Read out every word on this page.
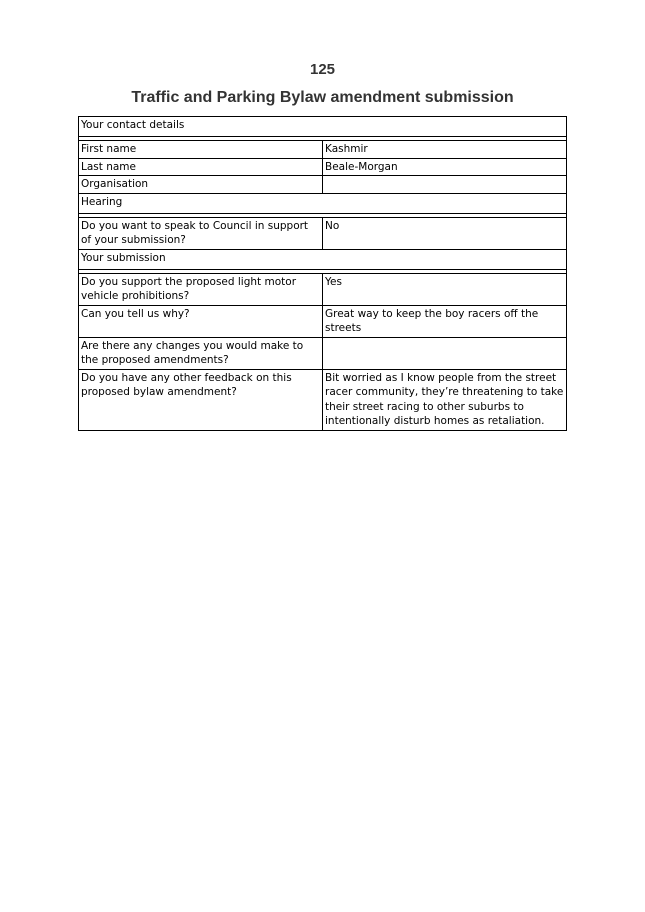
125
Traffic and Parking Bylaw amendment submission
Your contact details	

First name	Kashmir
Last name	Beale-Morgan
Organisation	
Hearing	

Do you want to speak to Council in support of your submission?	No
Your submission	

Do you support the proposed light motor vehicle prohibitions?	Yes
Can you tell us why?	Great way to keep the boy racers off the streets
Are there any changes you would make to the proposed amendments?	
Do you have any other feedback on this proposed bylaw amendment?	Bit worried as I know people from the street racer community, they’re threatening to take their street racing to other suburbs to intentionally disturb homes as retaliation.
